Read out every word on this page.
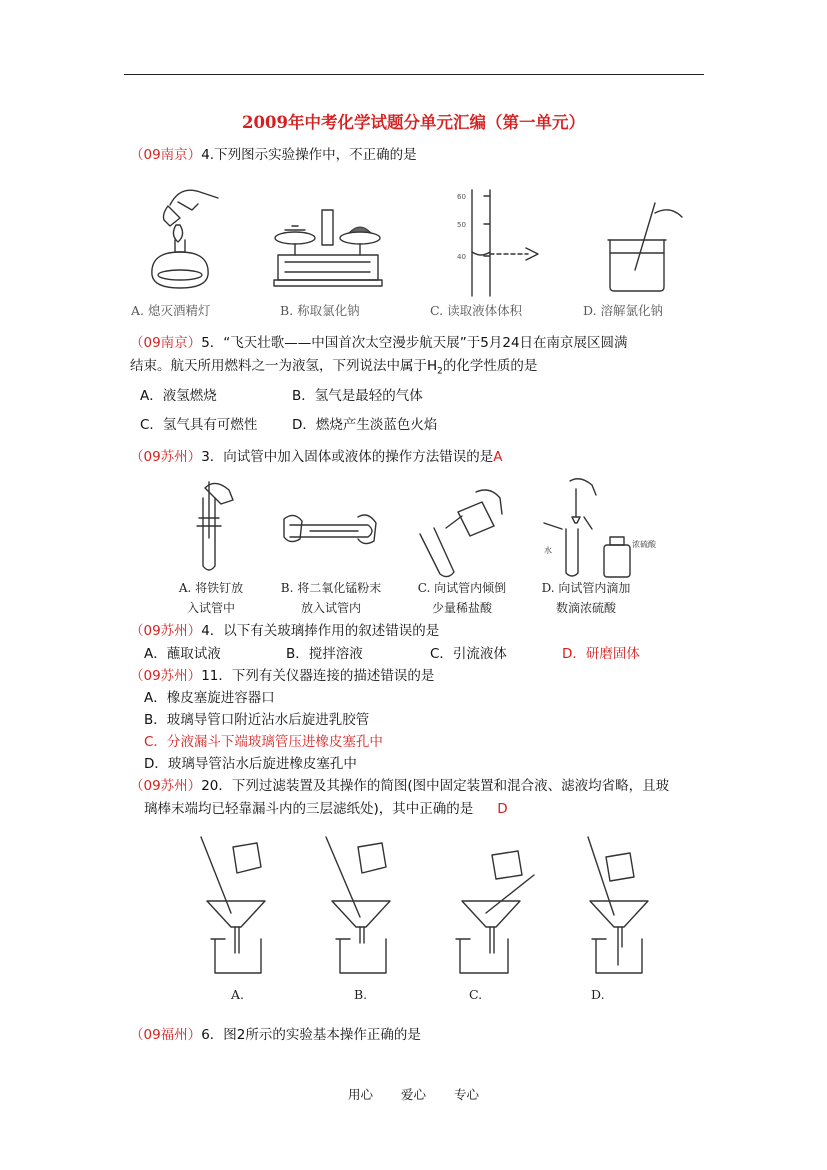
2009年中考化学试题分单元汇编（第一单元）
（09南京）4.下列图示实验操作中，不正确的是
60
50
40
A. 熄灭酒精灯	B. 称取氯化钠	C. 读取液体体积	D. 溶解氯化钠
（09南京）5．“飞天壮歌——中国首次太空漫步航天展”于5月24日在南京展区圆满
结束。航天所用燃料之一为液氢，下列说法中属于$H_2$的化学性质的是
A．液氢燃烧	B．氢气是最轻的气体
C．氢气具有可燃性	D．燃烧产生淡蓝色火焰
（09苏州）3．向试管中加入固体或液体的操作方法错误的是A
水
浓硫酸
A. 将铁钉放
入试管中
B. 将二氧化锰粉末
放入试管内
C. 向试管内倾倒
少量稀盐酸
D. 向试管内滴加
数滴浓硫酸
（09苏州）4．以下有关玻璃捧作用的叙述错误的是
A．蘸取试液	B．搅拌溶液	C．引流液体	D．研磨固体
（09苏州）11．下列有关仪器连接的描述错误的是
A．橡皮塞旋进容器口
B．玻璃导管口附近沾水后旋进乳胶管
C．分液漏斗下端玻璃管压进橡皮塞孔中
D．玻璃导管沾水后旋进橡皮塞孔中
（09苏州）20．下列过滤装置及其操作的简图(图中固定装置和混合液、滤液均省略，且玻
璃棒末端均已轻靠漏斗内的三层滤纸处)，其中正确的是 D
A.	B.	C.	D.
（09福州）6．图2所示的实验基本操作正确的是
用心 爱心 专心
